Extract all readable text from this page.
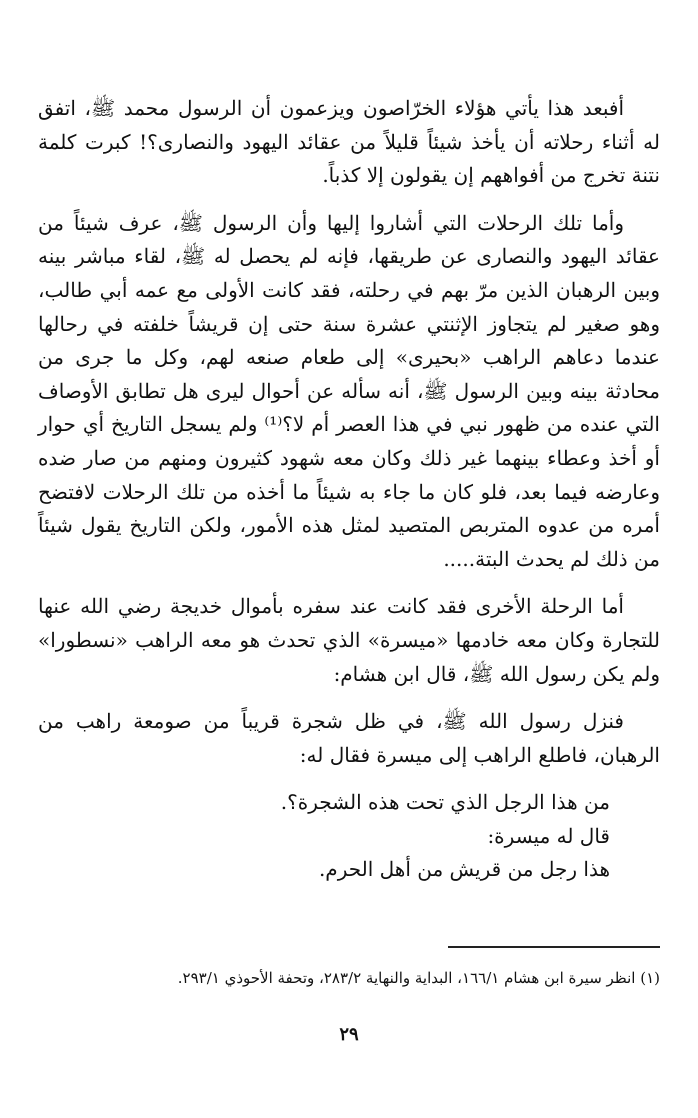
أفبعد هذا يأتي هؤلاء الخرّاصون ويزعمون أن الرسول محمد ﷺ، اتفق له أثناء رحلاته أن يأخذ شيئاً قليلاً من عقائد اليهود والنصارى؟! كبرت كلمة نتنة تخرج من أفواههم إن يقولون إلا كذباً.

وأما تلك الرحلات التي أشاروا إليها وأن الرسول ﷺ، عرف شيئاً من عقائد اليهود والنصارى عن طريقها، فإنه لم يحصل له ﷺ، لقاء مباشر بينه وبين الرهبان الذين مرّ بهم في رحلته، فقد كانت الأولى مع عمه أبي طالب، وهو صغير لم يتجاوز الإثنتي عشرة سنة حتى إن قريشاً خلفته في رحالها عندما دعاهم الراهب «بحيرى» إلى طعام صنعه لهم، وكل ما جرى من محادثة بينه وبين الرسول ﷺ، أنه سأله عن أحوال ليرى هل تطابق الأوصاف التي عنده من ظهور نبي في هذا العصر أم لا؟⁽¹⁾ ولم يسجل التاريخ أي حوار أو أخذ وعطاء بينهما غير ذلك وكان معه شهود كثيرون ومنهم من صار ضده وعارضه فيما بعد، فلو كان ما جاء به شيئاً ما أخذه من تلك الرحلات لافتضح أمره من عدوه المتربص المتصيد لمثل هذه الأمور، ولكن التاريخ يقول شيئاً من ذلك لم يحدث البتة.....

أما الرحلة الأخرى فقد كانت عند سفره بأموال خديجة رضي الله عنها للتجارة وكان معه خادمها «ميسرة» الذي تحدث هو معه الراهب «نسطورا» ولم يكن رسول الله ﷺ، قال ابن هشام:

فنزل رسول الله ﷺ، في ظل شجرة قريباً من صومعة راهب من الرهبان، فاطلع الراهب إلى ميسرة فقال له:

من هذا الرجل الذي تحت هذه الشجرة؟.
قال له ميسرة:
هذا رجل من قريش من أهل الحرم.
(١) انظر سيرة ابن هشام ١٦٦/١، البداية والنهاية ٢٨٣/٢، وتحفة الأحوذي ٢٩٣/١.
٢٩
